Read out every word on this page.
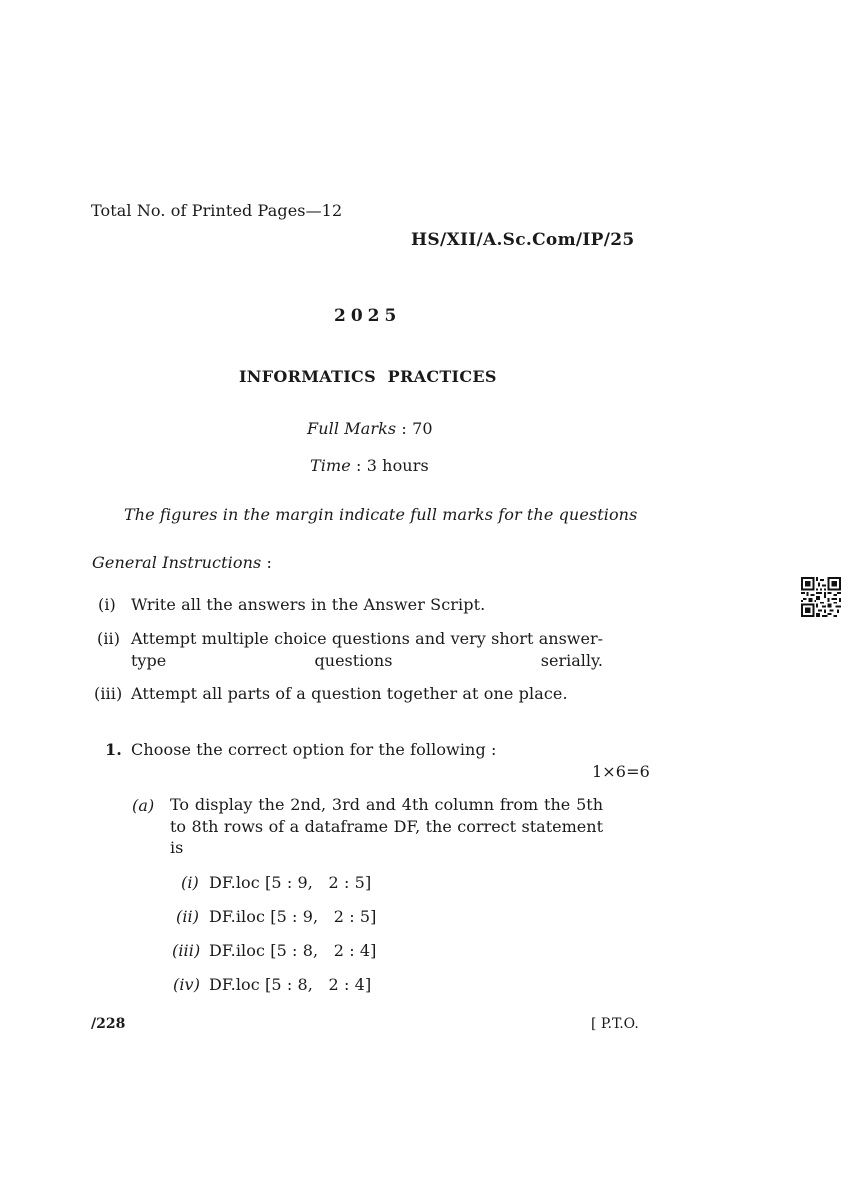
Total No. of Printed Pages—12
HS/XII/A.Sc.Com/IP/25
2025
INFORMATICS  PRACTICES
Full Marks : 70
Time : 3 hours
The figures in the margin indicate full marks for the questions
General Instructions :
(i) Write all the answers in the Answer Script.
(ii) Attempt multiple choice questions and very short answer-type questions serially.
(iii) Attempt all parts of a question together at one place.
1. Choose the correct option for the following :
1×6=6
(a) To display the 2nd, 3rd and 4th column from the 5th to 8th rows of a dataframe DF, the correct statement is
(i) DF.loc [5 : 9,   2 : 5]
(ii) DF.iloc [5 : 9,   2 : 5]
(iii) DF.iloc [5 : 8,   2 : 4]
(iv) DF.loc [5 : 8,   2 : 4]
/228	[ P.T.O.
